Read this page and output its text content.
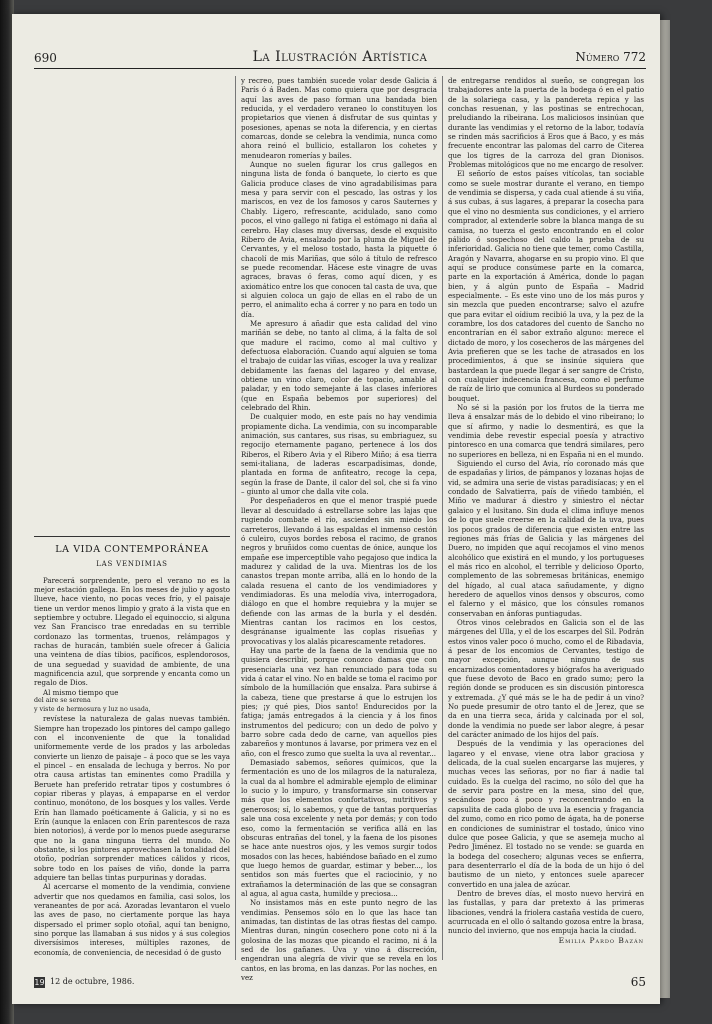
690	La Ilustración Artística	Número 772
LA VIDA CONTEMPORÁNEA
LAS VENDIMIAS

Parecerá sorprendente, pero el verano no es la mejor estación gallega. En los meses de julio y agosto llueve, hace viento, no pocas veces frío, y el paisaje tiene un verdor menos limpio y grato á la vista que en septiembre y octubre. Llegado el equinoccio, si alguna vez San Francisco trae enredadas en su terrible cordonazo las tormentas, truenos, relámpagos y rachas de huracán, también suele ofrecer á Galicia una veintena de días tibios, pacíficos, esplendorosos, de una seguedad y suavidad de ambiente, de una magnificencia azul, que sorprende y encanta como un regalo de Dios.

Al mismo tiempo que

del aire se serena

y viste de hermosura y luz no usada,

revístese la naturaleza de galas nuevas también. Siempre han tropezado los pintores del campo gallego con el inconveniente de que la tonalidad uniformemente verde de los prados y las arboledas convierte un lienzo de paisaje – á poco que se les vaya el pincel – en ensalada de lechuga y berros. No por otra causa artistas tan eminentes como Pradilla y Beruete han preferido retratar tipos y costumbres ó copiar riberas y playas, á empaparse en el verdor continuo, monótono, de los bosques y los valles. Verde Erín han llamado poéticamente á Galicia, y si no es Erín (aunque la enlacen con Erín parentescos de raza bien notorios), á verde por lo menos puede asegurarse que no la gana ninguna tierra del mundo. No obstante, si los pintores aprovechasen la tonalidad del otoño, podrían sorprender matices cálidos y ricos, sobre todo en los países de viño, donde la parra adquiere tan bellas tintas purpurinas y doradas.

Al acercarse el momento de la vendimia, conviene advertir que nos quedamos en familia, casi solos, los veraneantes de por acá. Azoradas levantaron el vuelo las aves de paso, no ciertamente porque las haya dispersado el primer soplo otoñal, aquí tan benigno, sino porque las llamaban á sus nidos y á sus colegios diversísimos intereses, múltiples razones, de economía, de conveniencia, de necesidad ó de gusto

y recreo, pues también sucede volar desde Galicia á París ó á Baden. Mas como quiera que por desgracia aquí las aves de paso forman una bandada bien reducida, y el verdadero veraneo lo constituyen los propietarios que vienen á disfrutar de sus quintas y posesiones, apenas se nota la diferencia, y en ciertas comarcas, donde se celebra la vendimia, nunca como ahora reinó el bullicio, estallaron los cohetes y menudearon romerías y bailes.

Aunque no suelen figurar los crus gallegos en ninguna lista de fonda ó banquete, lo cierto es que Galicia produce clases de vino agradabilísimas para mesa y para servir con el pescado, las ostras y los mariscos, en vez de los famosos y caros Sauternes y Chably. Ligero, refrescante, acidulado, sano como pocos, el vino gallego ni fatiga el estómago ni daña al cerebro. Hay clases muy diversas, desde el exquisito Ribero de Avia, ensalzado por la pluma de Miguel de Cervantes, y el meloso tostado, hasta la piquette ó chacolí de mis Mariñas, que sólo á título de refresco se puede recomendar. Hácese este vinagre de uvas agraces, bravas ó feras, como aquí dicen, y es axiomático entre los que conocen tal casta de uva, que si alguien coloca un gajo de ellas en el rabo de un perro, el animalito echa á correr y no para en todo un día.

Me apresuro á añadir que esta calidad del vino mariñán se debe, no tanto al clima, á la falta de sol que madure el racimo, como al mal cultivo y defectuosa elaboración. Cuando aquí alguien se toma el trabajo de cuidar las viñas, escoger la uva y realizar debidamente las faenas del lagareo y del envase, obtiene un vino claro, color de topacio, amable al paladar, y en todo semejante á las clases inferiores (que en España bebemos por superiores) del celebrado del Rhin.

De cualquier modo, en este país no hay vendimia propiamente dicha. La vendimia, con su incomparable animación, sus cantares, sus risas, su embriaguez, su regocijo eternamente pagano, pertenece á los dos Riberos, el Ribero Avia y el Ribero Miño; á esa tierra semi-italiana, de laderas escarpadísimas, donde, plantada en forma de anfiteatro, recoge la cepa, según la frase de Dante, il calor del sol, che si fa vino – giunto al umor che dalla vite cola.

Por despeñaderos en que el menor traspié puede llevar al descuidado á estrellarse sobre las lajas que rugiendo combate el río, ascienden sin miedo los carreteros, llevando á las espaldas el inmenso cestón ó culeiro, cuyos bordes rebosa el racimo, de granos negros y bruñidos como cuentas de ónice, aunque los empañe ese imperceptible vaho pegajoso que indica la madurez y calidad de la uva. Mientras los de los canastos trepan monte arriba, allá en lo hondo de la calada resuena el canto de los vendimiadores y vendimiadoras. Es una melodía viva, interrogadora, diálogo en que el hombre requiebra y la mujer se defiende con las armas de la burla y el desdén. Mientras cantan los racimos en los cestos, desgránanse igualmente las coplas risueñas y provocativas y los alalás picarescamente retadores.

Hay una parte de la faena de la vendimia que no quisiera describir, porque conozco damas que con presenciarla una vez han renunciado para toda su vida á catar el vino. No en balde se toma el racimo por símbolo de la humillación que ensalza. Para subirse á la cabeza, tiene que prestarse á que lo estrujen los pies; ¡y qué pies, Dios santo! Endurecidos por la fatiga; jamás entregados á la ciencia y á los finos instrumentos del pedicuro; con un dedo de polvo y barro sobre cada dedo de carne, van aquellos pies zabareños y montunos á lavarse, por primera vez en el año, con el fresco zumo que suelta la uva al reventar...

Demasiado sabemos, señores químicos, que la fermentación es uno de los milagros de la naturaleza, la cual da al hombre el admirable ejemplo de eliminar lo sucio y lo impuro, y transformarse sin conservar más que los elementos confortativos, nutritivos y generosos; sí, lo sabemos, y que de tantas porquerías sale una cosa excelente y neta por demás; y con todo eso, como la fermentación se verifica allá en las obscuras entrañas del tonel, y la faena de los pisones se hace ante nuestros ojos, y les vemos surgir todos mosados con las heces, habiéndose bañado en el zumo que luego hemos de guardar, estimar y beber..., los sentidos son más fuertes que el raciocinio, y no extrañamos la determinación de las que se consagran al agua, al agua casta, humilde y preciosa...

No insistamos más en este punto negro de las vendimias. Pensemos sólo en lo que las hace tan animadas, tan distintas de las otras fiestas del campo. Mientras duran, ningún cosechero pone coto ni á la golosina de las mozas que picando el racimo, ni á la sed de los gañanes. Uva y vino á discreción, engendran una alegría de vivir que se revela en los cantos, en las broma, en las danzas. Por las noches, en vez

de entregarse rendidos al sueño, se congregan los trabajadores ante la puerta de la bodega ó en el patio de la solariega casa, y la pandereta repica y las conchas resuenan, y las postinas se entrechocan, preludiando la ribeirana. Los maliciosos insinúan que durante las vendimias y el retorno de la labor, todavía se rinden más sacrificios á Eros que á Baco, y es más frecuente encontrar las palomas del carro de Citerea que los tigres de la carroza del gran Dionisos. Problemas mitológicos que no me encargo de resolver.

El señorío de estos países vitícolas, tan sociable como se suele mostrar durante el verano, en tiempo de vendimia se dispersa, y cada cual atiende á su viña, á sus cubas, á sus lagares, á preparar la cosecha para que el vino no desmienta sus condiciones, y el arriero comprador, al extenderle sobre la blanca manga de su camisa, no tuerza el gesto encontrando en el color pálido ó sospechoso del caldo la prueba de su inferioridad. Galicia no tiene que temer, como Castilla, Aragón y Navarra, ahogarse en su propio vino. El que aquí se produce consúmese parte en la comarca, parte en la exportación á América, donde lo pagan bien, y á algún punto de España – Madrid especialmente. – Es este vino uno de los más puros y sin mezcla que pueden encontrarse; salvo el azufre que para evitar el oídium recibió la uva, y la pez de la corambre, los dos catadores del cuento de Sancho no encontrarían en él sabor extraño alguno: merece el dictado de moro, y los cosecheros de las márgenes del Avia prefieren que se les tache de atrasados en los procedimientos, á que se insinúe siquiera que bastardean la que puede llegar á ser sangre de Cristo, con cualquier indecencia francesa, como el perfume de raíz de lirio que comunica al Burdeos su ponderado bouquet.

No sé si la pasión por los frutos de la tierra me lleva á ensalzar más de lo debido el vino ribeirano; lo que sí afirmo, y nadie lo desmentirá, es que la vendimia debe revestir especial poesía y atractivo pintoresco en una comarca que tendrá similares, pero no superiores en belleza, ni en España ni en el mundo.

Siguiendo el curso del Avia, río coronado más que de espadañas y lirios, de pámpanos y lozanas hojas de vid, se admira una serie de vistas paradisíacas; y en el condado de Salvatierra, país de viñedo también, el Miño ve madurar á diestro y siniestro el néctar galaico y el lusitano. Sin duda el clima influye menos de lo que suele creerse en la calidad de la uva, pues los pocos grados de diferencia que existen entre las regiones más frías de Galicia y las márgenes del Duero, no impiden que aquí recojamos el vino menos alcohólico que existirá en el mundo, y los portugueses el más rico en alcohol, el terrible y delicioso Oporto, complemento de las sobremesas británicas, enemigo del hígado, al cual ataca sañudamente, y digno heredero de aquellos vinos densos y obscuros, como el falerno y el másico, que los cónsules romanos conservaban en ánforas puntiagudas.

Otros vinos celebrados en Galicia son el de las márgenes del Ulla, y el de los escarpes del Sil. Podrán estos vinos valer poco ó mucho, como el de Ribadavia, á pesar de los encomios de Cervantes, testigo de mayor excepción, aunque ninguno de sus encarnizados comentadores y biógrafos ha averiguado que fuese devoto de Baco en grado sumo; pero la región donde se producen es sin discusión pintoresca y extremada. ¿Y qué más se le ha de pedir á un vino? No puede presumir de otro tanto el de Jerez, que se da en una tierra seca, árida y calcinada por el sol, donde la vendimia no puede ser labor alegre, á pesar del carácter animado de los hijos del país.

Después de la vendimia y las operaciones del lagareo y el envase, viene otra labor graciosa y delicada, de la cual suelen encargarse las mujeres, y muchas veces las señoras, por no fiar á nadie tal cuidado. Es la cuelga del racimo, no sólo del que ha de servir para postre en la mesa, sino del que, secándose poco á poco y reconcentrando en la capsulita de cada globo de uva la esencia y fragancia del zumo, como en rico pomo de ágata, ha de ponerse en condiciones de suministrar el tostado, único vino dulce que posee Galicia, y que se asemeja mucho al Pedro Jiménez. El tostado no se vende: se guarda en la bodega del cosechero; algunas veces se enfierra, para desenterrarlo el día de la boda de un hijo ó del bautismo de un nieto, y entonces suele aparecer convertido en una jalea de azúcar.

Dentro de breves días, el mosto nuevo hervirá en las fustallas, y para dar pretexto á las primeras libaciones, vendrá la friolera castaña vestida de cuero, acurrucada en el ollo ó saltando gozosa entre la brasa, nuncio del invierno, que nos empuja hacia la ciudad.

Emilia Pardo Bazán

19 12 de octubre, 1986.	65
